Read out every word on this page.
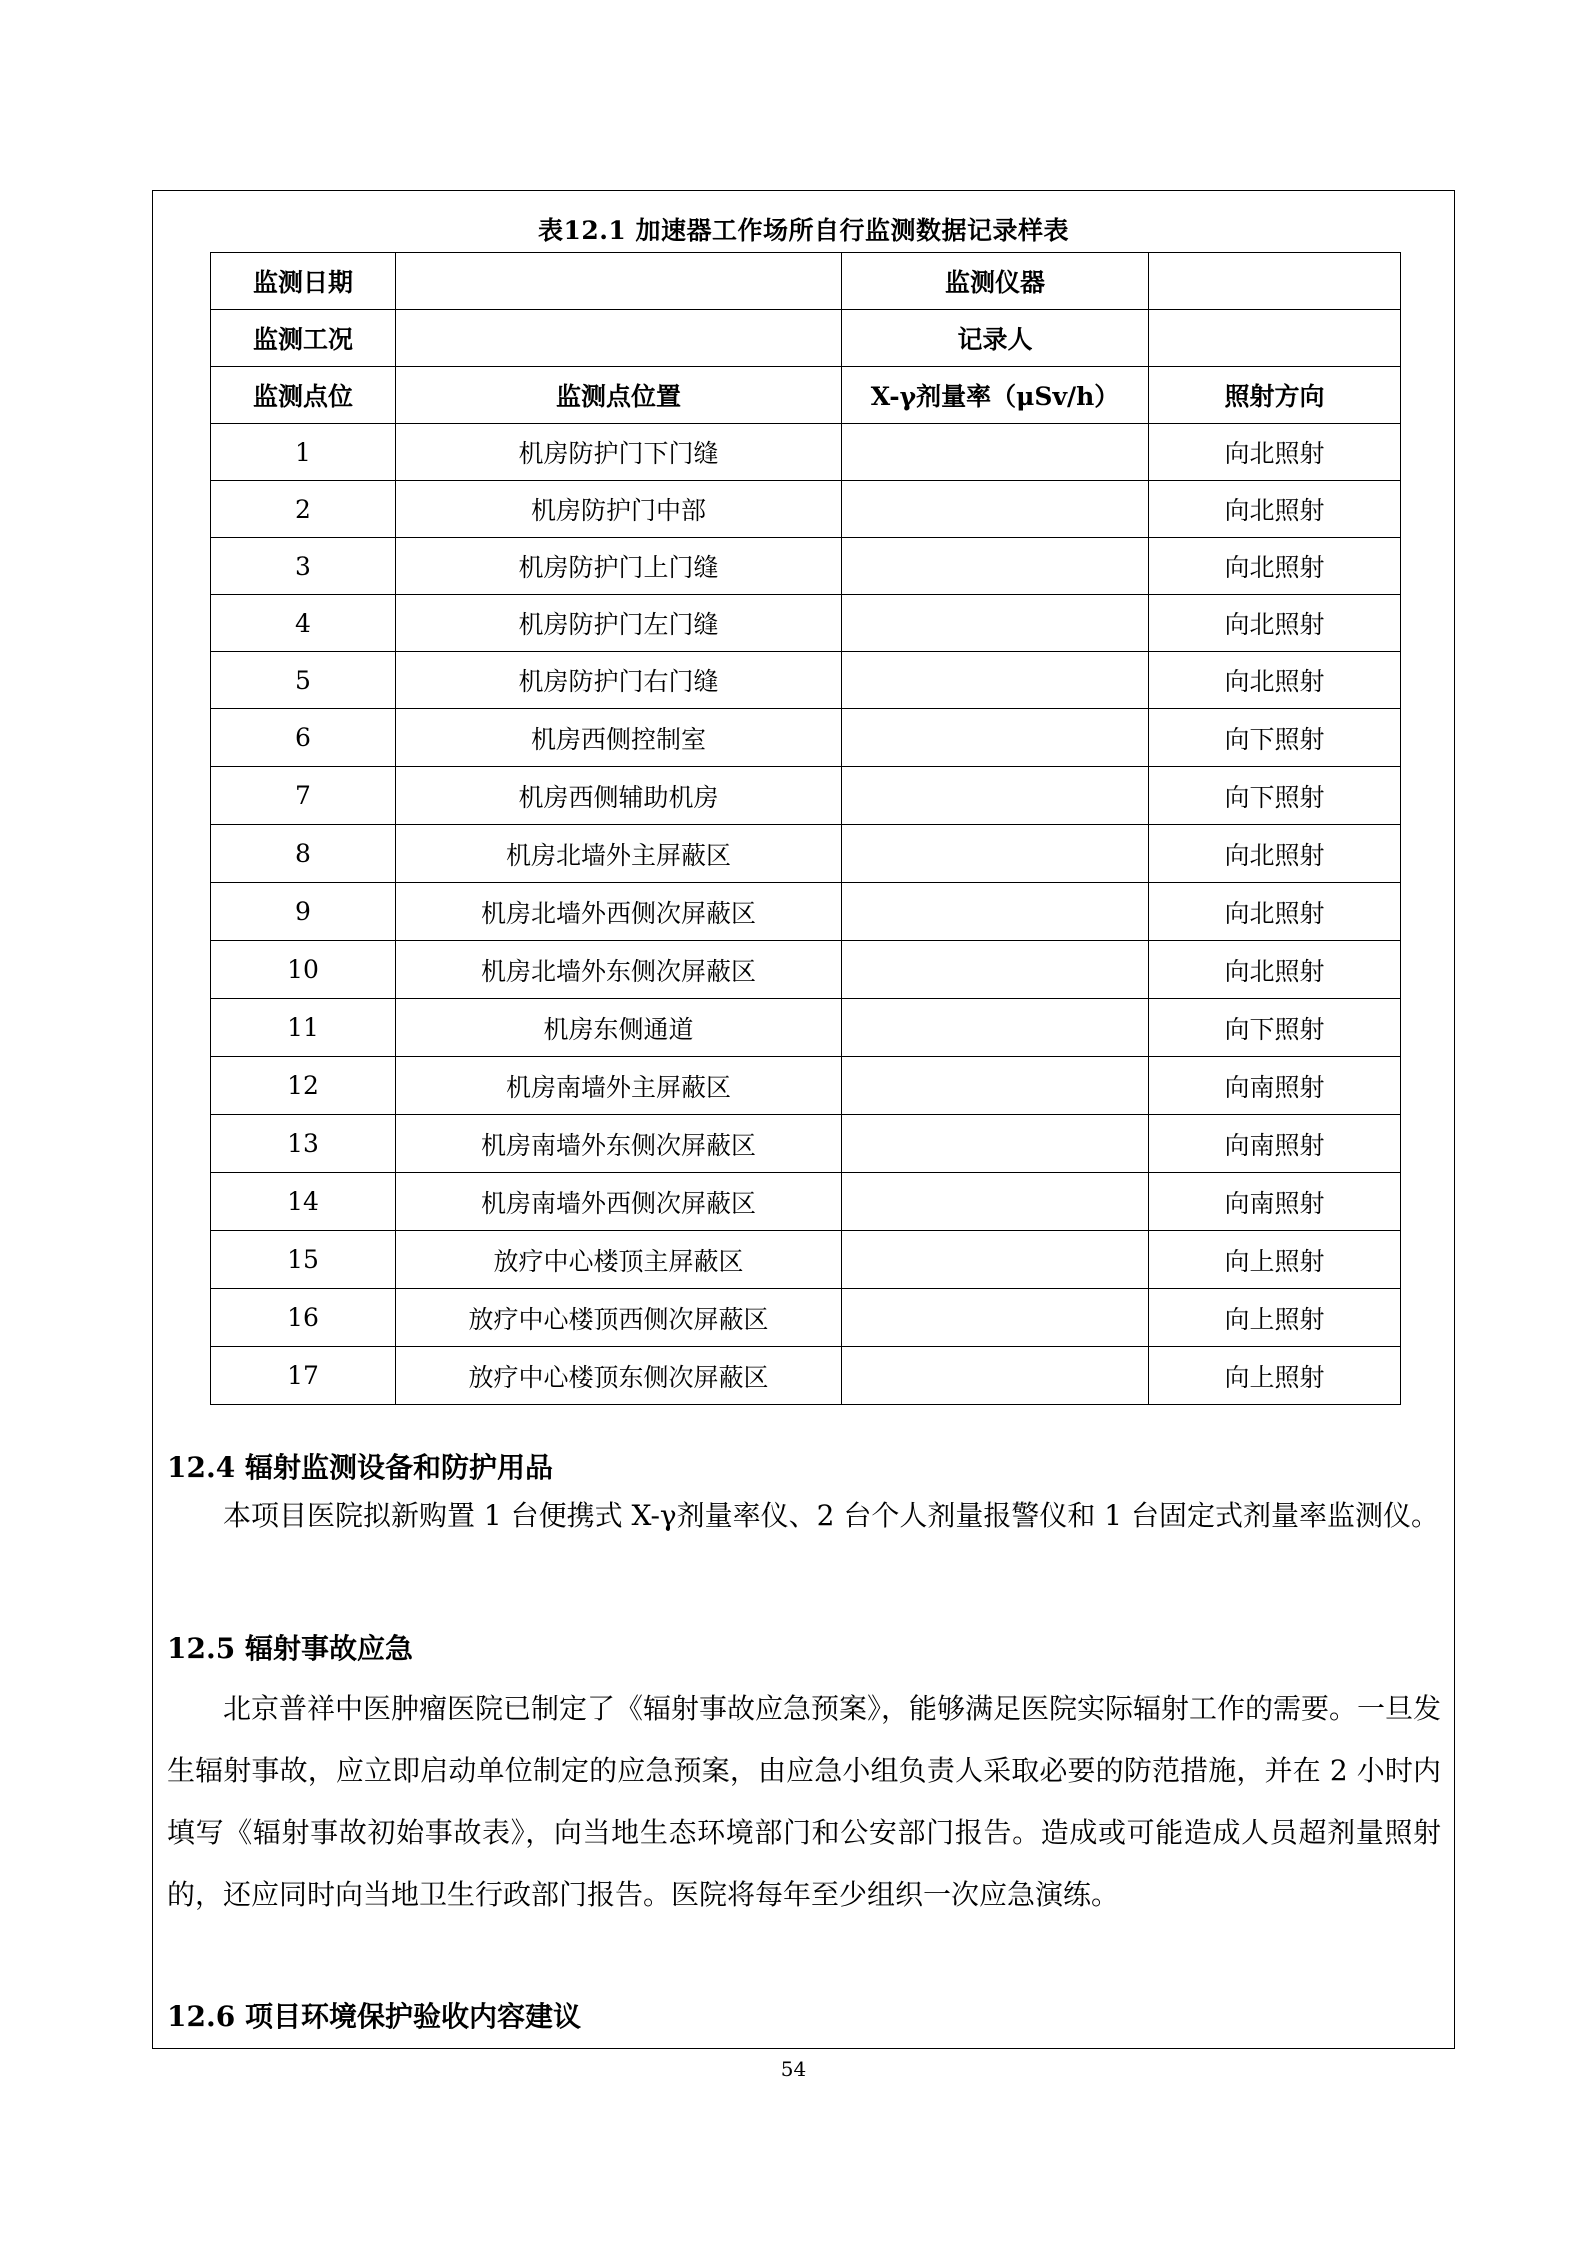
表12.1 加速器工作场所自行监测数据记录样表
监测日期		监测仪器	
监测工况		记录人	
监测点位	监测点位置	X-γ剂量率（μSv/h）	照射方向
1	机房防护门下门缝		向北照射
2	机房防护门中部		向北照射
3	机房防护门上门缝		向北照射
4	机房防护门左门缝		向北照射
5	机房防护门右门缝		向北照射
6	机房西侧控制室		向下照射
7	机房西侧辅助机房		向下照射
8	机房北墙外主屏蔽区		向北照射
9	机房北墙外西侧次屏蔽区		向北照射
10	机房北墙外东侧次屏蔽区		向北照射
11	机房东侧通道		向下照射
12	机房南墙外主屏蔽区		向南照射
13	机房南墙外东侧次屏蔽区		向南照射
14	机房南墙外西侧次屏蔽区		向南照射
15	放疗中心楼顶主屏蔽区		向上照射
16	放疗中心楼顶西侧次屏蔽区		向上照射
17	放疗中心楼顶东侧次屏蔽区		向上照射
12.4 辐射监测设备和防护用品
本项目医院拟新购置 1 台便携式 X-γ剂量率仪、2 台个人剂量报警仪和 1 台固定式剂量率监测仪。
12.5 辐射事故应急
北京普祥中医肿瘤医院已制定了《辐射事故应急预案》，能够满足医院实际辐射工作的需要。一旦发生辐射事故，应立即启动单位制定的应急预案，由应急小组负责人采取必要的防范措施，并在 2 小时内填写《辐射事故初始事故表》，向当地生态环境部门和公安部门报告。造成或可能造成人员超剂量照射的，还应同时向当地卫生行政部门报告。医院将每年至少组织一次应急演练。
12.6 项目环境保护验收内容建议
54
